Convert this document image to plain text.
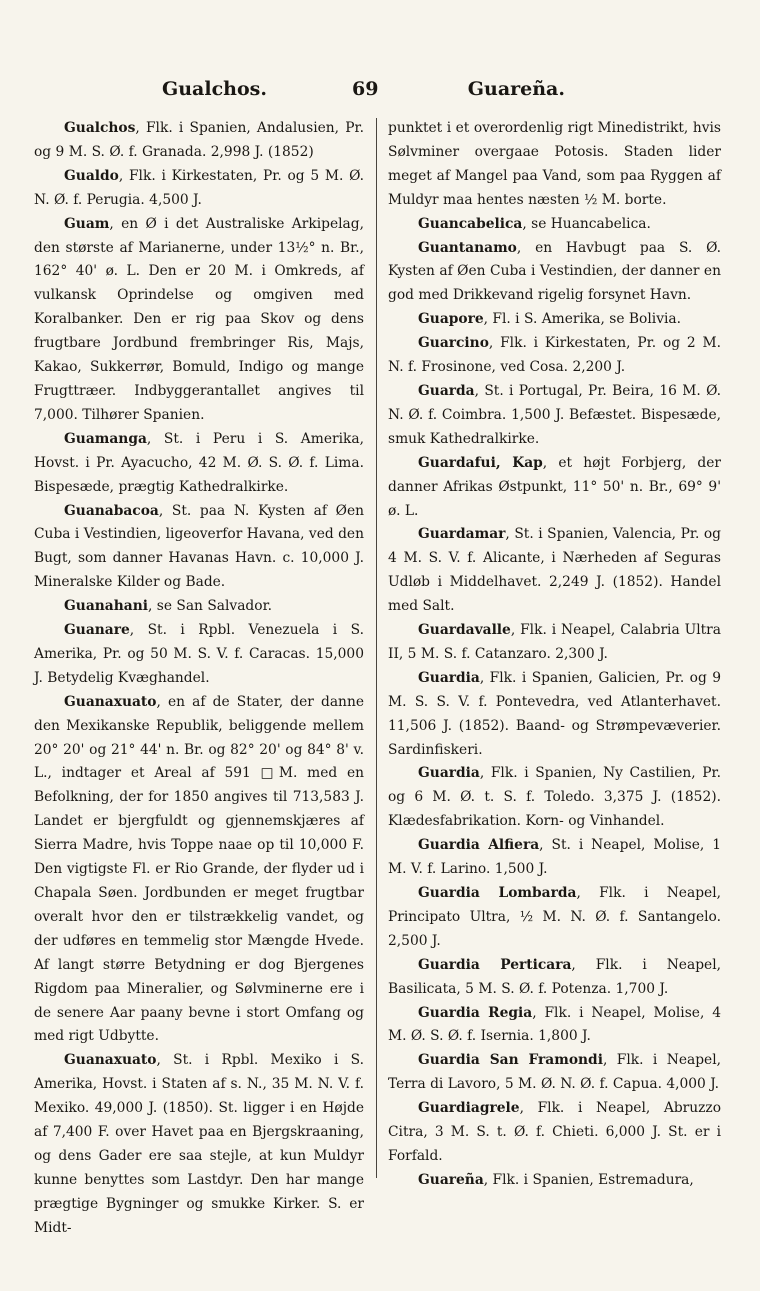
Gualchos.	69	Guareña.

Gualchos, Flk. i Spanien, Andalusien, Pr. og 9 M. S. Ø. f. Granada. 2,998 J. (1852)

Gualdo, Flk. i Kirkestaten, Pr. og 5 M. Ø. N. Ø. f. Perugia. 4,500 J.

Guam, en Ø i det Australiske Arkipelag, den største af Marianerne, under 13½° n. Br., 162° 40' ø. L. Den er 20 M. i Omkreds, af vulkansk Oprindelse og omgiven med Koralbanker. Den er rig paa Skov og dens frugtbare Jordbund frembringer Ris, Majs, Kakao, Sukkerrør, Bomuld, Indigo og mange Frugttræer. Indbyggerantallet angives til 7,000. Tilhører Spanien.

Guamanga, St. i Peru i S. Amerika, Hovst. i Pr. Ayacucho, 42 M. Ø. S. Ø. f. Lima. Bispesæde, prægtig Kathedralkirke.

Guanabacoa, St. paa N. Kysten af Øen Cuba i Vestindien, ligeoverfor Havana, ved den Bugt, som danner Havanas Havn. c. 10,000 J. Mineralske Kilder og Bade.

Guanahani, se San Salvador.

Guanare, St. i Rpbl. Venezuela i S. Amerika, Pr. og 50 M. S. V. f. Caracas. 15,000 J. Betydelig Kvæghandel.

Guanaxuato, en af de Stater, der danne den Mexikanske Republik, beliggende mellem 20° 20' og 21° 44' n. Br. og 82° 20' og 84° 8' v. L., indtager et Areal af 591 □M. med en Befolkning, der for 1850 angives til 713,583 J. Landet er bjergfuldt og gjennemskjæres af Sierra Madre, hvis Toppe naae op til 10,000 F. Den vigtigste Fl. er Rio Grande, der flyder ud i Chapala Søen. Jordbunden er meget frugtbar overalt hvor den er tilstrækkelig vandet, og der udføres en temmelig stor Mængde Hvede. Af langt større Betydning er dog Bjergenes Rigdom paa Mineralier, og Sølvminerne ere i de senere Aar paany bevne i stort Omfang og med rigt Udbytte.

Guanaxuato, St. i Rpbl. Mexiko i S. Amerika, Hovst. i Staten af s. N., 35 M. N. V. f. Mexiko. 49,000 J. (1850). St. ligger i en Højde af 7,400 F. over Havet paa en Bjergskraaning, og dens Gader ere saa stejle, at kun Muldyr kunne benyttes som Lastdyr. Den har mange prægtige Bygninger og smukke Kirker. S. er Midt-

punktet i et overordenlig rigt Minedistrikt, hvis Sølvminer overgaae Potosis. Staden lider meget af Mangel paa Vand, som paa Ryggen af Muldyr maa hentes næsten ½ M. borte.

Guancabelica, se Huancabelica.

Guantanamo, en Havbugt paa S. Ø. Kysten af Øen Cuba i Vestindien, der danner en god med Drikkevand rigelig forsynet Havn.

Guapore, Fl. i S. Amerika, se Bolivia.

Guarcino, Flk. i Kirkestaten, Pr. og 2 M. N. f. Frosinone, ved Cosa. 2,200 J.

Guarda, St. i Portugal, Pr. Beira, 16 M. Ø. N. Ø. f. Coimbra. 1,500 J. Befæstet. Bispesæde, smuk Kathedralkirke.

Guardafui, Kap, et højt Forbjerg, der danner Afrikas Østpunkt, 11° 50' n. Br., 69° 9' ø. L.

Guardamar, St. i Spanien, Valencia, Pr. og 4 M. S. V. f. Alicante, i Nærheden af Seguras Udløb i Middelhavet. 2,249 J. (1852). Handel med Salt.

Guardavalle, Flk. i Neapel, Calabria Ultra II, 5 M. S. f. Catanzaro. 2,300 J.

Guardia, Flk. i Spanien, Galicien, Pr. og 9 M. S. S. V. f. Pontevedra, ved Atlanterhavet. 11,506 J. (1852). Baand- og Strømpevæverier. Sardinfiskeri.

Guardia, Flk. i Spanien, Ny Castilien, Pr. og 6 M. Ø. t. S. f. Toledo. 3,375 J. (1852). Klædesfabrikation. Korn- og Vinhandel.

Guardia Alfiera, St. i Neapel, Molise, 1 M. V. f. Larino. 1,500 J.

Guardia Lombarda, Flk. i Neapel, Principato Ultra, ½ M. N. Ø. f. Santangelo. 2,500 J.

Guardia Perticara, Flk. i Neapel, Basilicata, 5 M. S. Ø. f. Potenza. 1,700 J.

Guardia Regia, Flk. i Neapel, Molise, 4 M. Ø. S. Ø. f. Isernia. 1,800 J.

Guardia San Framondi, Flk. i Neapel, Terra di Lavoro, 5 M. Ø. N. Ø. f. Capua. 4,000 J.

Guardiagrele, Flk. i Neapel, Abruzzo Citra, 3 M. S. t. Ø. f. Chieti. 6,000 J. St. er i Forfald.

Guareña, Flk. i Spanien, Estremadura,
